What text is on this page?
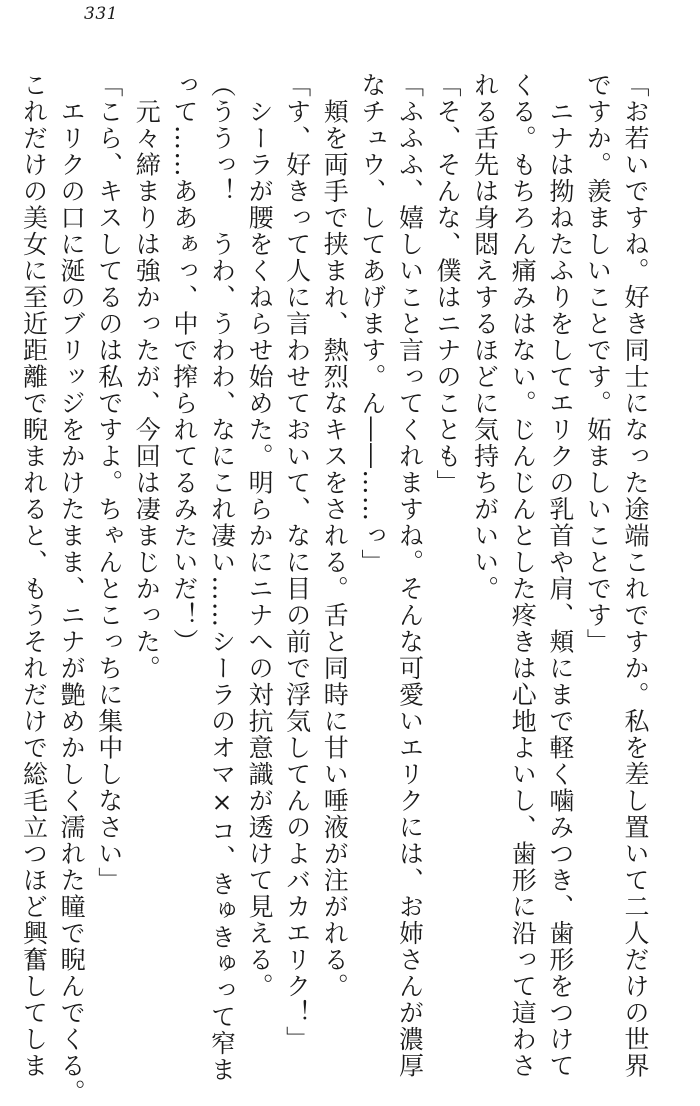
331
「お若いですね。好き同士になった途端これですか。私を差し置いて二人だけの世界
ですか。羨ましいことです。妬ましいことです」
　ニナは拗ねたふりをしてエリクの乳首や肩、頬にまで軽く噛みつき、歯形をつけて
くる。もちろん痛みはない。じんじんとした疼きは心地よいし、歯形に沿って這わさ
れる舌先は身悶えするほどに気持ちがいい。
「そ、そんな、僕はニナのことも」
「ふふふ、嬉しいこと言ってくれますね。そんな可愛いエリクには、お姉さんが濃厚
なチュウ、してあげます。ん――……っ」
　頬を両手で挟まれ、熱烈なキスをされる。舌と同時に甘い唾液が注がれる。
「す、好きって人に言わせておいて、なに目の前で浮気してんのよバカエリク！」
　シーラが腰をくねらせ始めた。明らかにニナへの対抗意識が透けて見える。
（ううっ！　うわ、うわわ、なにこれ凄い……シーラのオマ×コ、きゅきゅって窄ま
って……ああぁっ、中で搾られてるみたいだ！）
　元々締まりは強かったが、今回は凄まじかった。
「こら、キスしてるのは私ですよ。ちゃんとこっちに集中しなさい」
　エリクの口に涎のブリッジをかけたまま、ニナが艶めかしく濡れた瞳で睨んでくる。
これだけの美女に至近距離で睨まれると、もうそれだけで総毛立つほど興奮してしま
